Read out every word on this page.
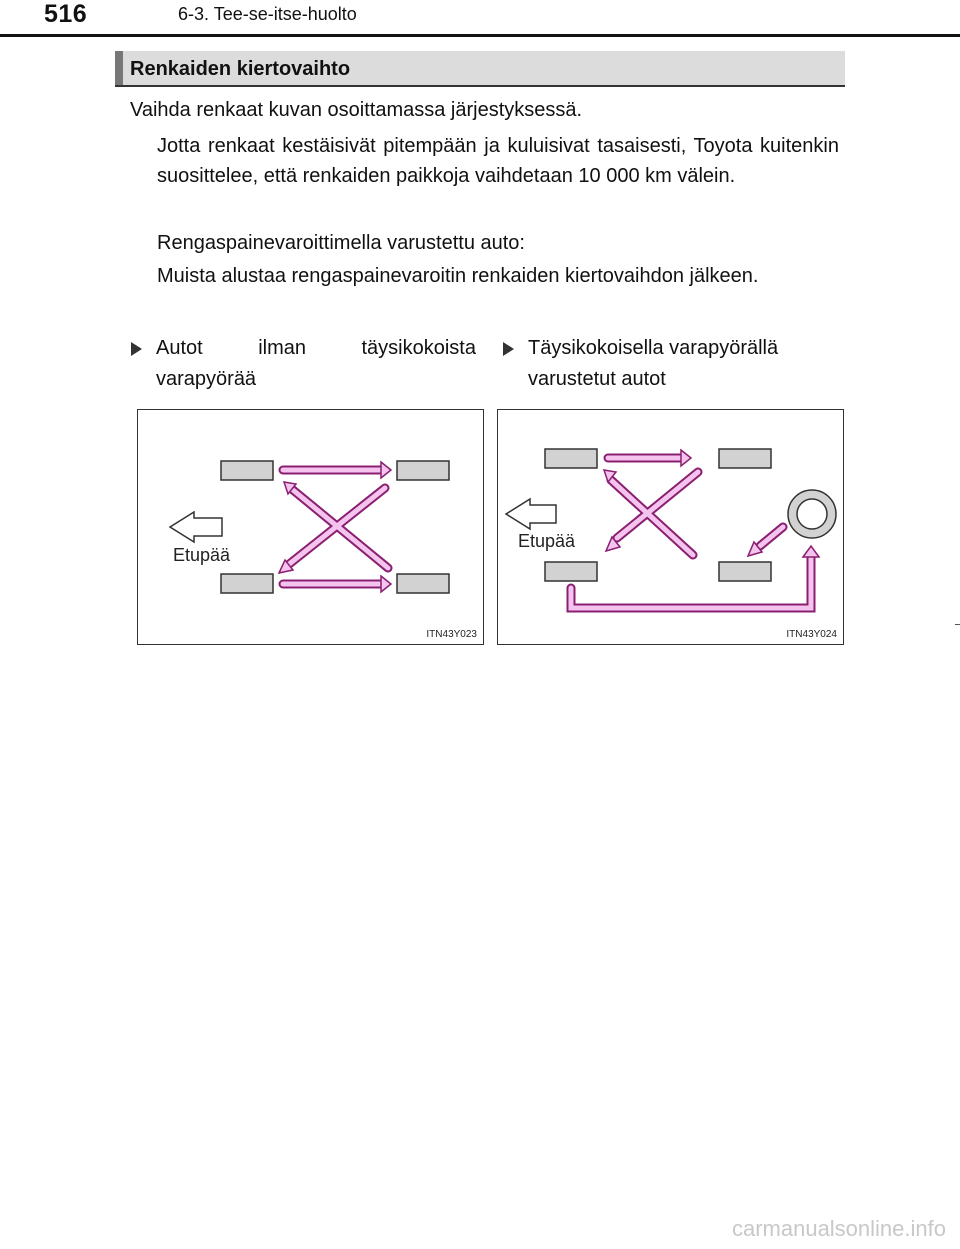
516	6-3. Tee-se-itse-huolto
Renkaiden kiertovaihto

Vaihda renkaat kuvan osoittamassa järjestyksessä.

Jotta renkaat kestäisivät pitempään ja kuluisivat tasaisesti, Toyota kuitenkin suosittelee, että renkaiden paikkoja vaihdetaan 10 000 km välein.

Rengaspainevaroittimella varustettu auto:

Muista alustaa rengaspainevaroitin renkaiden kiertovaihdon jälkeen.

Autot ilman täysikokoista varapyörää
Täysikokoisella varapyörällä varustetut autot
Etupää
ITN43Y023
Etupää
ITN43Y024
carmanualsonline.info
